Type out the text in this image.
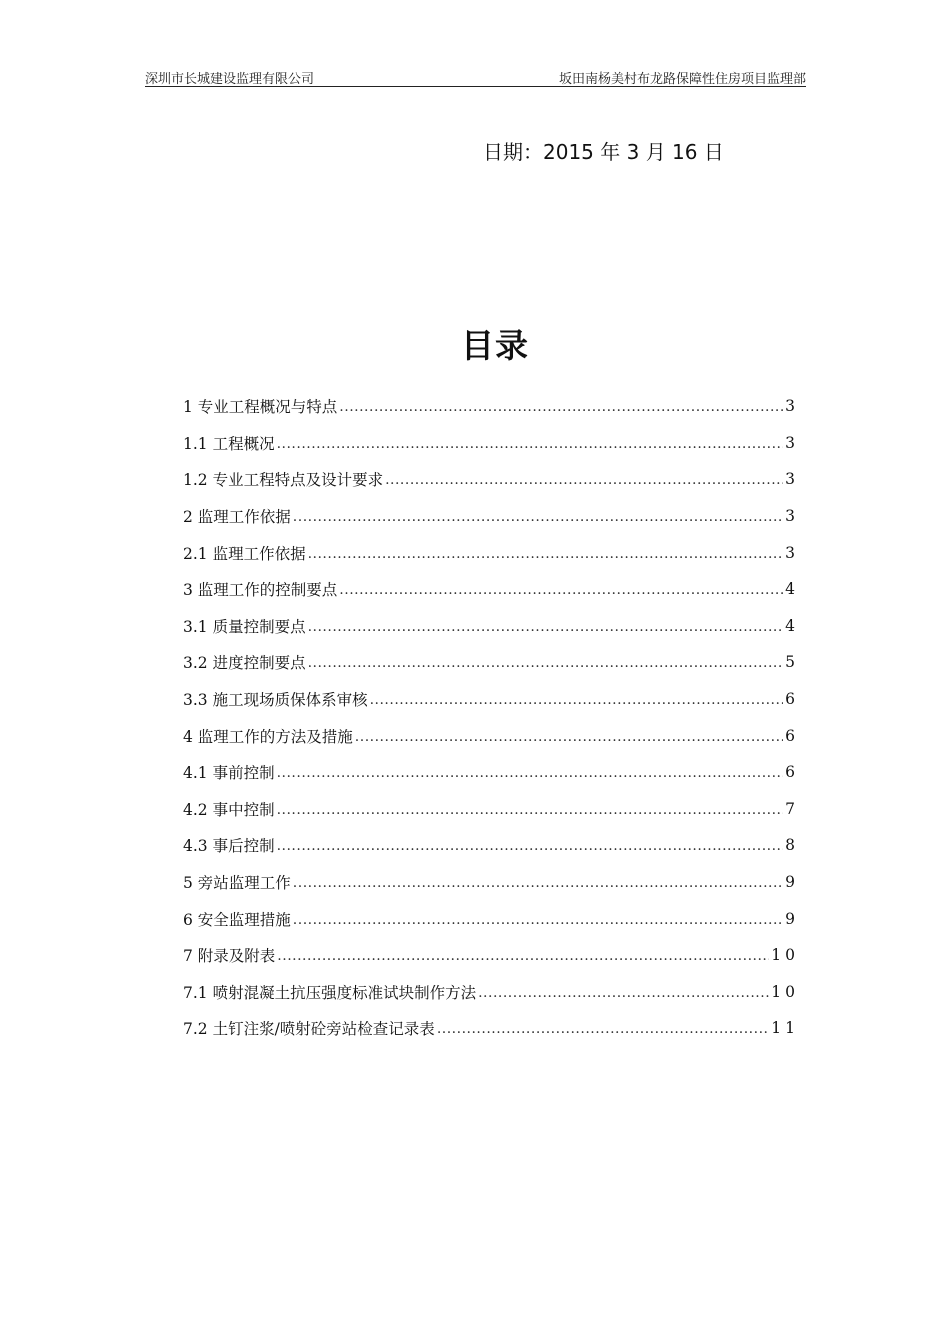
深圳市长城建设监理有限公司	坂田南杨美村布龙路保障性住房项目监理部
日期：2015 年 3 月 16 日
目录
1 专业工程概况与特点 .....	3
1.1 工程概况 .....	3
1.2 专业工程特点及设计要求 .....	3
2 监理工作依据 .....	3
2.1 监理工作依据 .....	3
3 监理工作的控制要点 .....	4
3.1 质量控制要点 .....	4
3.2 进度控制要点 .....	5
3.3 施工现场质保体系审核 .....	6
4 监理工作的方法及措施 .....	6
4.1 事前控制 .....	6
4.2 事中控制 .....	7
4.3 事后控制 .....	8
5 旁站监理工作 .....	9
6 安全监理措施 .....	9
7 附录及附表 .....	10
7.1 喷射混凝土抗压强度标准试块制作方法 .....	10
7.2 土钉注浆/喷射砼旁站检查记录表 .....	11
